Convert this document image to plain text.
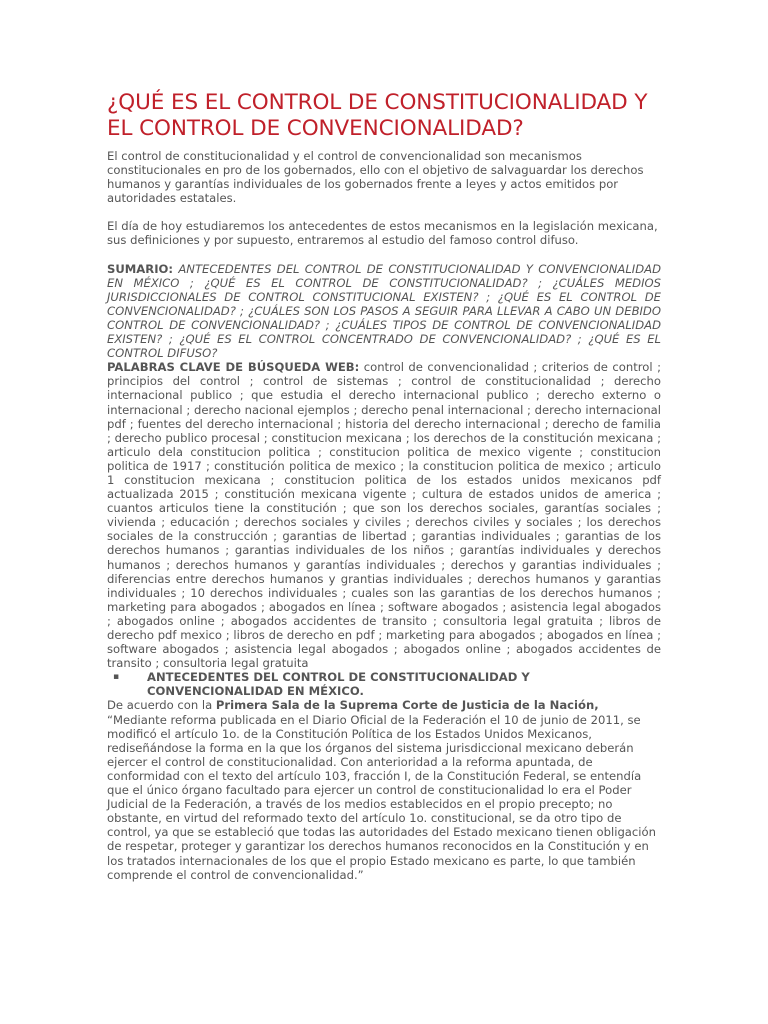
¿QUÉ ES EL CONTROL DE CONSTITUCIONALIDAD Y EL CONTROL DE CONVENCIONALIDAD?

El control de constitucionalidad y el control de convencionalidad son mecanismos constitucionales en pro de los gobernados, ello con el objetivo de salvaguardar los derechos humanos y garantías individuales de los gobernados frente a leyes y actos emitidos por autoridades estatales.

El día de hoy estudiaremos los antecedentes de estos mecanismos en la legislación mexicana, sus definiciones y por supuesto, entraremos al estudio del famoso control difuso.

SUMARIO: ANTECEDENTES DEL CONTROL DE CONSTITUCIONALIDAD Y CONVENCIONALIDAD EN MÉXICO ; ¿QUÉ ES EL CONTROL DE CONSTITUCIONALIDAD? ; ¿CUÁLES MEDIOS JURISDICCIONALES DE CONTROL CONSTITUCIONAL EXISTEN? ; ¿QUÉ ES EL CONTROL DE CONVENCIONALIDAD? ; ¿CUÁLES SON LOS PASOS A SEGUIR PARA LLEVAR A CABO UN DEBIDO CONTROL DE CONVENCIONALIDAD? ; ¿CUÁLES TIPOS DE CONTROL DE CONVENCIONALIDAD EXISTEN? ; ¿QUÉ ES EL CONTROL CONCENTRADO DE CONVENCIONALIDAD? ; ¿QUÉ ES EL CONTROL DIFUSO?

PALABRAS CLAVE DE BÚSQUEDA WEB: control de convencionalidad ; criterios de control ; principios del control ; control de sistemas ; control de constitucionalidad ; derecho internacional publico ; que estudia el derecho internacional publico ; derecho externo o internacional ; derecho nacional ejemplos ; derecho penal internacional ; derecho internacional pdf ; fuentes del derecho internacional ; historia del derecho internacional ; derecho de familia ; derecho publico procesal ; constitucion mexicana ; los derechos de la constitución mexicana ; articulo dela constitucion politica ; constitucion politica de mexico vigente ; constitucion politica de 1917 ; constitución politica de mexico ; la constitucion politica de mexico ; articulo 1 constitucion mexicana ; constitucion politica de los estados unidos mexicanos pdf actualizada 2015 ; constitución mexicana vigente ; cultura de estados unidos de america ; cuantos articulos tiene la constitución ; que son los derechos sociales, garantías sociales ; vivienda ; educación ; derechos sociales y civiles ; derechos civiles y sociales ; los derechos sociales de la construcción ; garantias de libertad ; garantias individuales ; garantias de los derechos humanos ; garantias individuales de los niños ; garantías individuales y derechos humanos ; derechos humanos y garantías individuales ; derechos y garantias individuales ; diferencias entre derechos humanos y grantias individuales ; derechos humanos y garantias individuales ; 10 derechos individuales ; cuales son las garantias de los derechos humanos ; marketing para abogados ; abogados en línea ; software abogados ; asistencia legal abogados ; abogados online ; abogados accidentes de transito ; consultoria legal gratuita ; libros de derecho pdf mexico ; libros de derecho en pdf ; marketing para abogados ; abogados en línea ; software abogados ; asistencia legal abogados ; abogados online ; abogados accidentes de transito ; consultoria legal gratuita

▪	ANTECEDENTES DEL CONTROL DE CONSTITUCIONALIDAD Y CONVENCIONALIDAD EN MÉXICO.

De acuerdo con la Primera Sala de la Suprema Corte de Justicia de la Nación, “Mediante reforma publicada en el Diario Oficial de la Federación el 10 de junio de 2011, se modificó el artículo 1o. de la Constitución Política de los Estados Unidos Mexicanos, rediseñándose la forma en la que los órganos del sistema jurisdiccional mexicano deberán ejercer el control de constitucionalidad. Con anterioridad a la reforma apuntada, de conformidad con el texto del artículo 103, fracción I, de la Constitución Federal, se entendía que el único órgano facultado para ejercer un control de constitucionalidad lo era el Poder Judicial de la Federación, a través de los medios establecidos en el propio precepto; no obstante, en virtud del reformado texto del artículo 1o. constitucional, se da otro tipo de control, ya que se estableció que todas las autoridades del Estado mexicano tienen obligación de respetar, proteger y garantizar los derechos humanos reconocidos en la Constitución y en los tratados internacionales de los que el propio Estado mexicano es parte, lo que también comprende el control de convencionalidad.”
